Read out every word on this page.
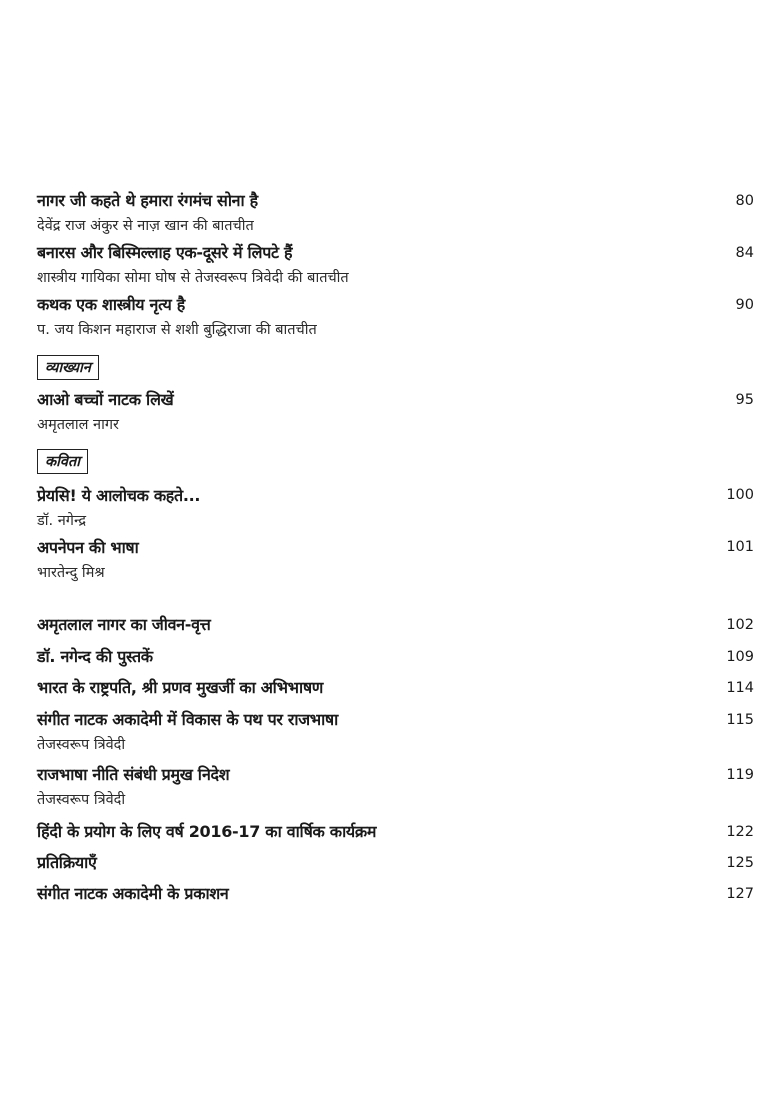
नागर जी कहते थे हमारा रंगमंच सोना है	80
देवेंद्र राज अंकुर से नाज़ खान की बातचीत
बनारस और बिस्मिल्लाह एक-दूसरे में लिपटे हैं	84
शास्त्रीय गायिका सोमा घोष से तेजस्वरूप त्रिवेदी की बातचीत
कथक एक शास्त्रीय नृत्य है	90
प. जय किशन महाराज से शशी बुद्धिराजा की बातचीत
व्याख्यान
आओ बच्चों नाटक लिखें	95
अमृतलाल नागर
कविता
प्रेयसि! ये आलोचक कहते...	100
डॉ. नगेन्द्र
अपनेपन की भाषा	101
भारतेन्दु मिश्र
अमृतलाल नागर का जीवन-वृत्त	102
डॉ. नगेन्द की पुस्तकें	109
भारत के राष्ट्रपति, श्री प्रणव मुखर्जी का अभिभाषण	114
संगीत नाटक अकादेमी में विकास के पथ पर राजभाषा	115
तेजस्वरूप त्रिवेदी
राजभाषा नीति संबंधी प्रमुख निदेश	119
तेजस्वरूप त्रिवेदी
हिंदी के प्रयोग के लिए वर्ष 2016-17 का वार्षिक कार्यक्रम	122
प्रतिक्रियाएँ	125
संगीत नाटक अकादेमी के प्रकाशन	127
